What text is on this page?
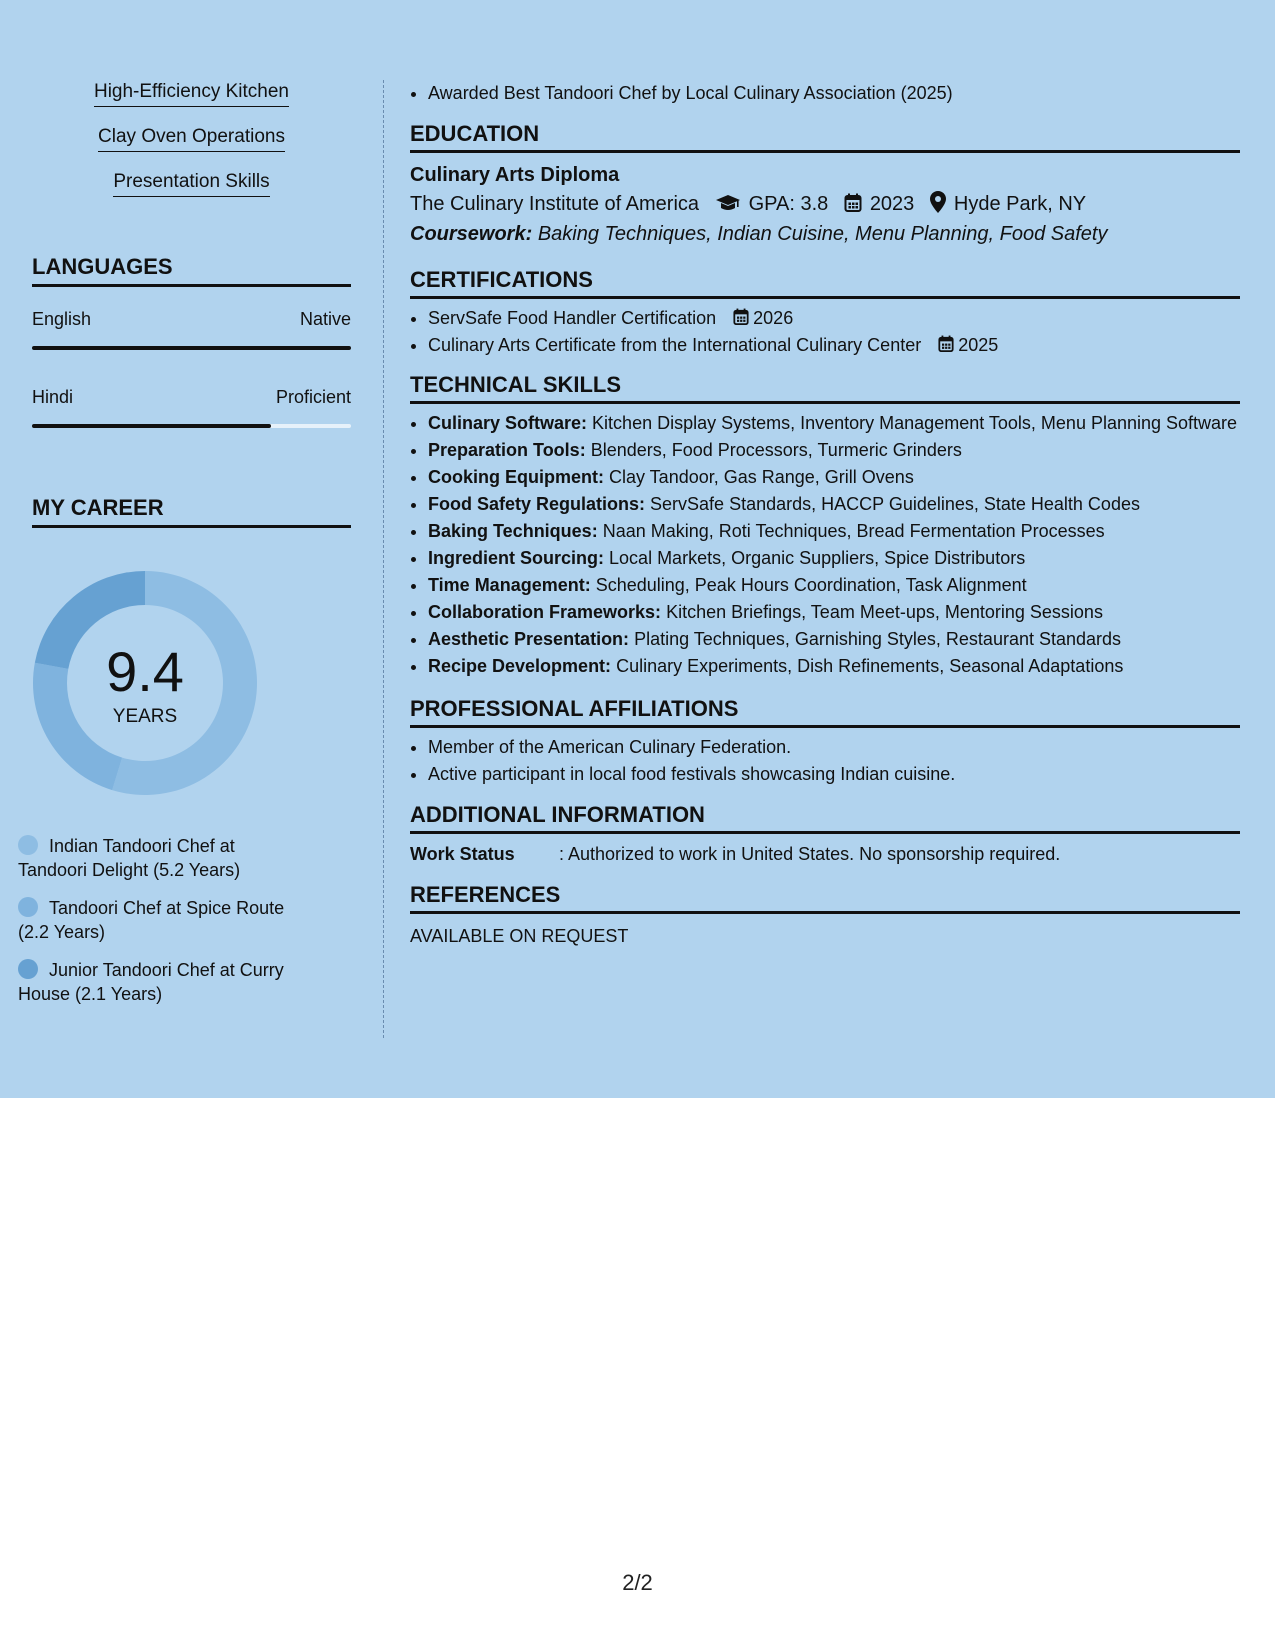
High-Efficiency Kitchen
Clay Oven Operations
Presentation Skills
LANGUAGES
English	Native
Hindi	Proficient
MY CAREER
9.4
YEARS
Indian Tandoori Chef at Tandoori Delight (5.2 Years)
Tandoori Chef at Spice Route (2.2 Years)
Junior Tandoori Chef at Curry House (2.1 Years)
• Awarded Best Tandoori Chef by Local Culinary Association (2025)
EDUCATION
Culinary Arts Diploma
The Culinary Institute of America GPA: 3.8 2023 Hyde Park, NY
Coursework: Baking Techniques, Indian Cuisine, Menu Planning, Food Safety
CERTIFICATIONS
• ServSafe Food Handler Certification 2026
• Culinary Arts Certificate from the International Culinary Center 2025
TECHNICAL SKILLS
• Culinary Software: Kitchen Display Systems, Inventory Management Tools, Menu Planning Software
• Preparation Tools: Blenders, Food Processors, Turmeric Grinders
• Cooking Equipment: Clay Tandoor, Gas Range, Grill Ovens
• Food Safety Regulations: ServSafe Standards, HACCP Guidelines, State Health Codes
• Baking Techniques: Naan Making, Roti Techniques, Bread Fermentation Processes
• Ingredient Sourcing: Local Markets, Organic Suppliers, Spice Distributors
• Time Management: Scheduling, Peak Hours Coordination, Task Alignment
• Collaboration Frameworks: Kitchen Briefings, Team Meet-ups, Mentoring Sessions
• Aesthetic Presentation: Plating Techniques, Garnishing Styles, Restaurant Standards
• Recipe Development: Culinary Experiments, Dish Refinements, Seasonal Adaptations
PROFESSIONAL AFFILIATIONS
• Member of the American Culinary Federation.
• Active participant in local food festivals showcasing Indian cuisine.
ADDITIONAL INFORMATION
Work Status : Authorized to work in United States. No sponsorship required.
REFERENCES
AVAILABLE ON REQUEST
2/2
